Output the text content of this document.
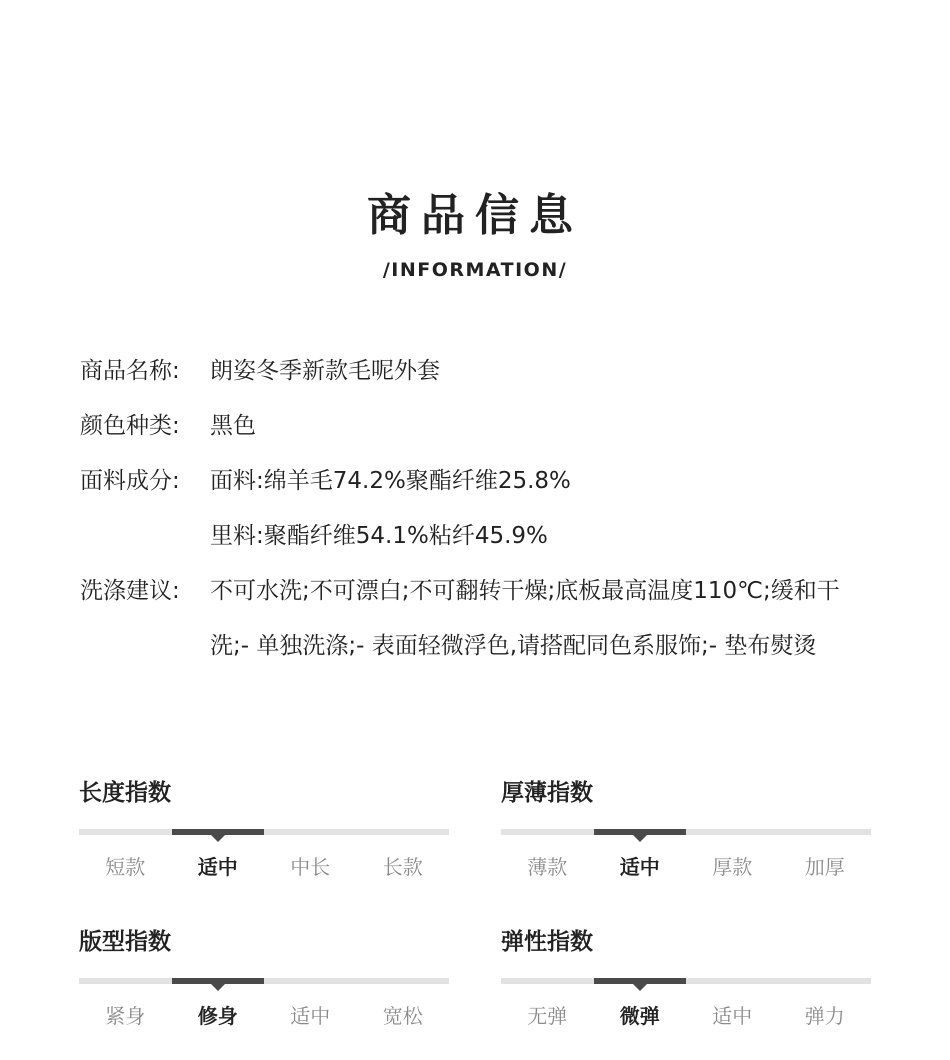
商品信息
/INFORMATION/
商品名称: 朗姿冬季新款毛呢外套
颜色种类: 黑色
面料成分: 面料:绵羊毛74.2%聚酯纤维25.8%
里料:聚酯纤维54.1%粘纤45.9%
洗涤建议: 不可水洗;不可漂白;不可翻转干燥;底板最高温度110℃;缓和干
洗;- 单独洗涤;- 表面轻微浮色,请搭配同色系服饰;- 垫布熨烫
长度指数
短款	适中	中长	长款
厚薄指数
薄款	适中	厚款	加厚
版型指数
紧身	修身	适中	宽松
弹性指数
无弹	微弹	适中	弹力
